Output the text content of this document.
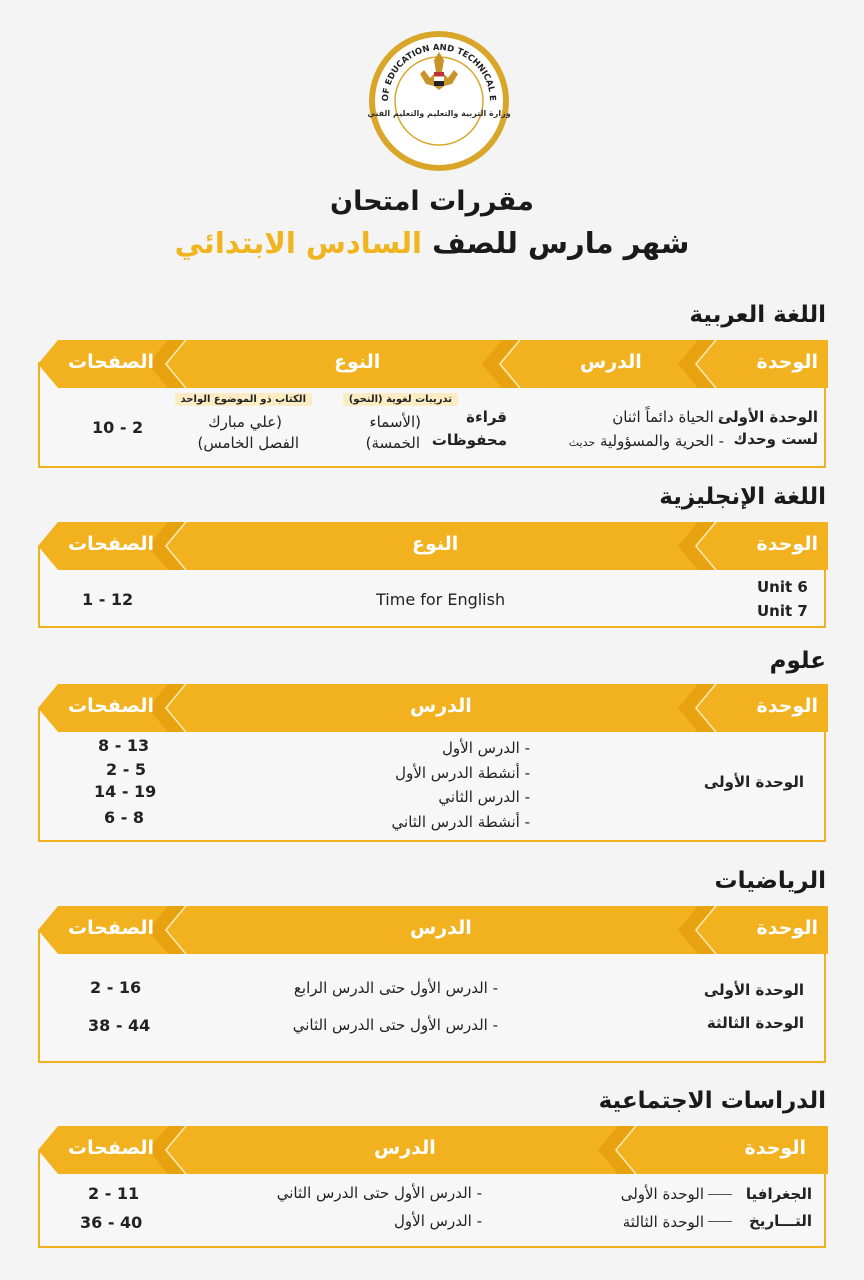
OF EDUCATION AND TECHNICAL E
وزارة التربية والتعليم والتعليم الفني
مقررات امتحان
شهر مارس للصف السادس الابتدائي
اللغة العربية
الوحدة
الدرس
النوع
الصفحات
الوحدة الأولى
لست وحدك
- الحياة دائماً اثنان
- الحرية والمسؤولية حديث
قراءة
محفوظات
تدريبات لغوية (النحو)
(الأسماء
الخمسة)
الكتاب ذو الموضوع الواحد
(علي مبارك
الفصل الخامس)
10 - 2
اللغة الإنجليزية
الوحدة
النوع
الصفحات
Unit 6
Unit 7
Time for English
1 - 12
علوم
الوحدة
الدرس
الصفحات
الوحدة الأولى
- الدرس الأول
- أنشطة الدرس الأول
- الدرس الثاني
- أنشطة الدرس الثاني
8 - 13
2 - 5
14 - 19
6 - 8
الرياضيات
الوحدة
الدرس
الصفحات
الوحدة الأولى
الوحدة الثالثة
- الدرس الأول حتى الدرس الرابع
- الدرس الأول حتى الدرس الثاني
2 - 16
38 - 44
الدراسات الاجتماعية
الوحدة
الدرس
الصفحات
الجغرافيا
التـــاريخ
الوحدة الأولى
الوحدة الثالثة
- الدرس الأول حتى الدرس الثاني
- الدرس الأول
2 - 11
36 - 40
